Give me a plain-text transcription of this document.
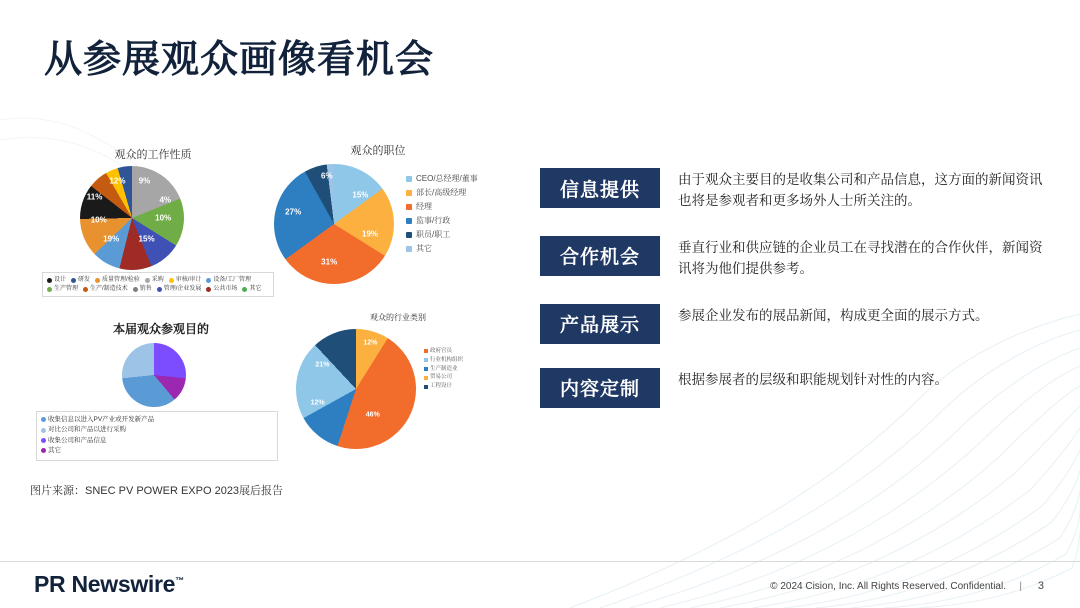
从参展观众画像看机会
观众的工作性质
19% 15%
10%	10%
11%
12% 9%
4%
设计 研发 质量管理/检验 采购 审核/审计 设备/工厂管理
生产管理 生产/制造技术 销售 管理/企业发展 公共市场 其它
观众的职位
15%
19%
31%
27%
6%	CEO/总经理/董事
部长/高级经理
经理
监事/行政
职员/职工
其它
观众的行业类别
46%
21%
12%
12%
政府官员
行业机构组织
生产制造业
贸易公司
工程设计
本届观众参观目的
收集信息以进入PV产业或开发新产品
对比公司和产品以进行采购
收集公司和产品信息
其它
图片来源：SNEC PV POWER EXPO 2023展后报告
信息提供	由于观众主要目的是收集公司和产品信息，这方面的新闻资讯也将是参观者和更多场外人士所关注的。
合作机会	垂直行业和供应链的企业员工在寻找潜在的合作伙伴，新闻资讯将为他们提供参考。
产品展示	参展企业发布的展品新闻，构成更全面的展示方式。
内容定制	根据参展者的层级和职能规划针对性的内容。
PR Newswire™
© 2024 Cision, Inc. All Rights Reserved. Confidential. | 3
